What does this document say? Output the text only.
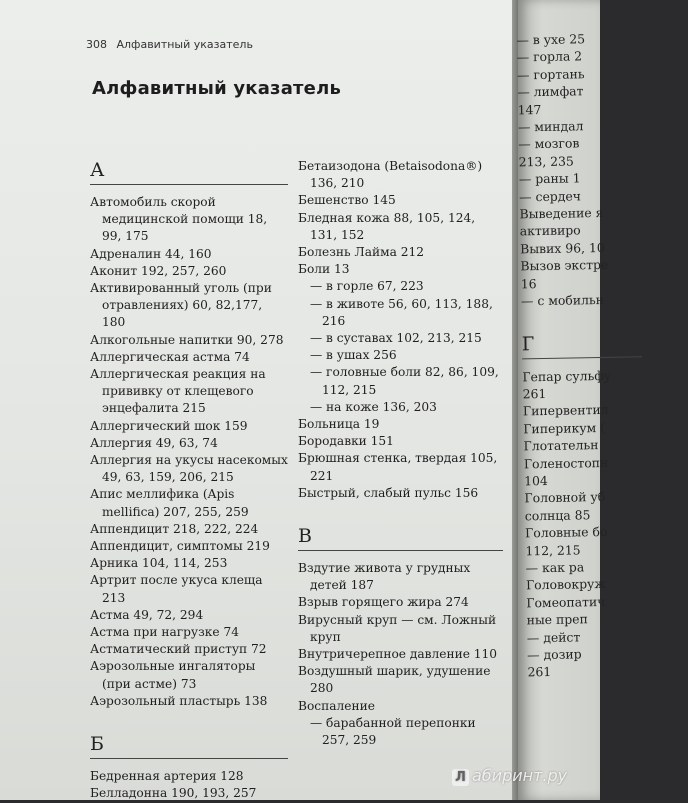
308 Алфавитный указатель
Алфавитный указатель
А
Автомобиль скорой медицинской помощи 18, 99, 175
Адреналин 44, 160
Аконит 192, 257, 260
Активированный уголь (при отравлениях) 60, 82,177, 180
Алкогольные напитки 90, 278
Аллергическая астма 74
Аллергическая реакция на прививку от клещевого энцефалита 215
Аллергический шок 159
Аллергия 49, 63, 74
Аллергия на укусы насекомых 49, 63, 159, 206, 215
Апис меллифика (Apis mellifica) 207, 255, 259
Аппендицит 218, 222, 224
Аппендицит, симптомы 219
Арника 104, 114, 253
Артрит после укуса клеща 213
Астма 49, 72, 294
Астма при нагрузке 74
Астматический приступ 72
Аэрозольные ингаляторы (при астме) 73
Аэрозольный пластырь 138
Б
Бедренная артерия 128
Белладонна 190, 193, 257
Бетаизодона (Betaisodona®) 136, 210
Бешенство 145
Бледная кожа 88, 105, 124, 131, 152
Болезнь Лайма 212
Боли 13
— в горле 67, 223
— в животе 56, 60, 113, 188, 216
— в суставах 102, 213, 215
— в ушах 256
— головные боли 82, 86, 109, 112, 215
— на коже 136, 203
Больница 19
Бородавки 151
Брюшная стенка, твердая 105, 221
Быстрый, слабый пульс 156
В
Вздутие живота у грудных детей 187
Взрыв горящего жира 274
Вирусный круп — см. Ложный круп
Внутричерепное давление 110
Воздушный шарик, удушение 280
Воспаление
— барабанной перепонки 257, 259
— в ухе 25
— горла 2
— гортань
— лимфат
147
— миндал
— мозгов
213, 235
— раны 1
— сердеч
Выведение я
активиро
Вывих 96, 10
Вызов экстре
16
— с мобильн
Г
Гепар сульфу
261
Гипервентил
Гиперикум (
Глотательн
Голеностопн
104
Головной уб
солнца 85
Головные бо
112, 215
— как ра
Головокруж
Гомеопатич
ные преп
— дейст
— дозир
261
Л абиринт.ру
